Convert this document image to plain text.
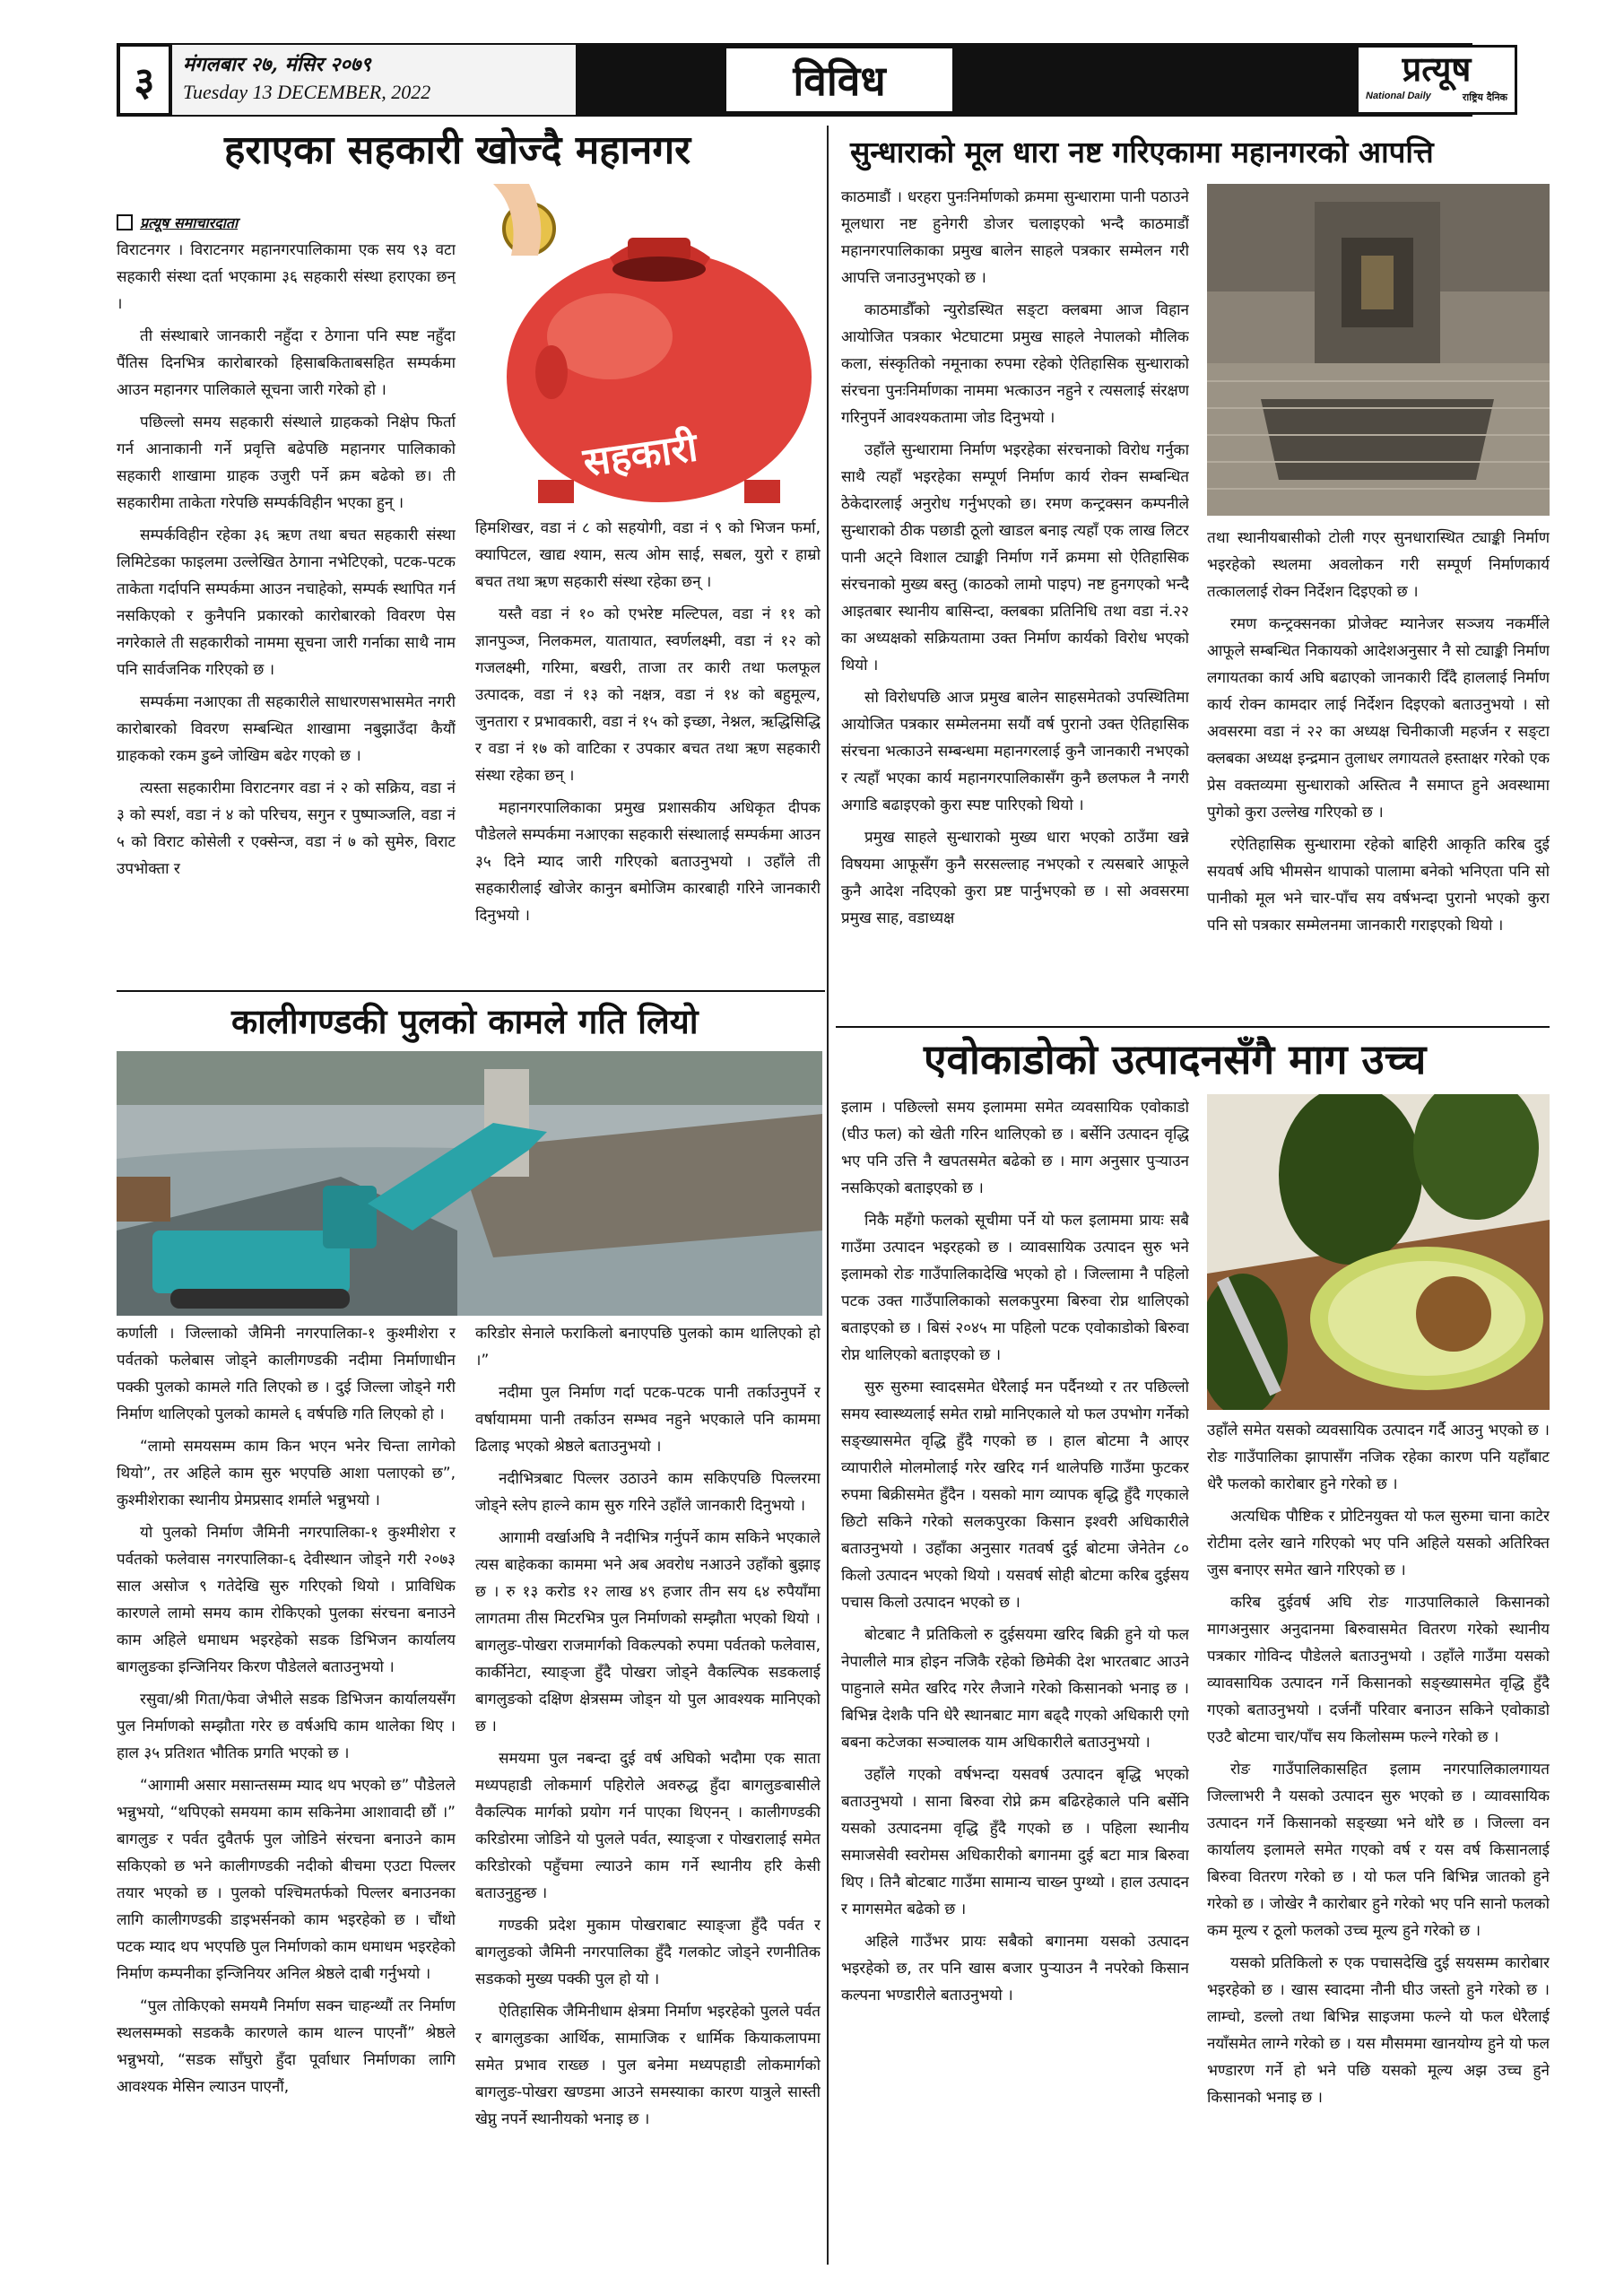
३ मंगलबार २७, मंसिर २०७९
Tuesday 13 DECEMBER, 2022	विविध	प्रत्यूष
National Daily	राष्ट्रिय दैनिक
हराएका सहकारी खोज्दै महानगर
प्रत्यूष समाचारदाता

विराटनगर । विराटनगर महानगरपालिकामा एक सय ९३ वटा सहकारी संस्था दर्ता भएकामा ३६ सहकारी संस्था हराएका छन् ।

ती संस्थाबारे जानकारी नहुँदा र ठेगाना पनि स्पष्ट नहुँदा पैंतिस दिनभित्र कारोबारको हिसाबकिताबसहित सम्पर्कमा आउन महानगर पालिकाले सूचना जारी गरेको हो ।

पछिल्लो समय सहकारी संस्थाले ग्राहकको निक्षेप फिर्ता गर्न आनाकानी गर्ने प्रवृत्ति बढेपछि महानगर पालिकाको सहकारी शाखामा ग्राहक उजुरी पर्ने क्रम बढेको छ। ती सहकारीमा ताकेता गरेपछि सम्पर्कविहीन भएका हुन् ।

सम्पर्कविहीन रहेका ३६ ऋण तथा बचत सहकारी संस्था लिमिटेडका फाइलमा उल्लेखित ठेगाना नभेटिएको, पटक-पटक ताकेता गर्दापनि सम्पर्कमा आउन नचाहेको, सम्पर्क स्थापित गर्न नसकिएको र कुनैपनि प्रकारको कारोबारको विवरण पेस नगरेकाले ती सहकारीको नाममा सूचना जारी गर्नाका साथै नाम पनि सार्वजनिक गरिएको छ ।

सम्पर्कमा नआएका ती सहकारीले साधारणसभासमेत नगरी कारोबारको विवरण सम्बन्धित शाखामा नबुझाउँदा कैयौं ग्राहकको रकम डुब्ने जोखिम बढेर गएको छ ।

त्यस्ता सहकारीमा विराटनगर वडा नं २ को सक्रिय, वडा नं ३ को स्पर्श, वडा नं ४ को परिचय, सगुन र पुष्पाञ्जलि, वडा नं ५ को विराट कोसेली र एक्सेन्ज, वडा नं ७ को सुमेरु, विराट उपभोक्ता र

सहकारी

हिमशिखर, वडा नं ८ को सहयोगी, वडा नं ९ को भिजन फर्मा, क्यापिटल, खाद्य श्याम, सत्य ओम साई, सबल, युरो र हाम्रो बचत तथा ऋण सहकारी संस्था रहेका छन् ।

यस्तै वडा नं १० को एभरेष्ट मल्टिपल, वडा नं ११ को ज्ञानपुञ्ज, निलकमल, यातायात, स्वर्णलक्ष्मी, वडा नं १२ को गजलक्ष्मी, गरिमा, बखरी, ताजा तर कारी तथा फलफूल उत्पादक, वडा नं १३ को नक्षत्र, वडा नं १४ को बहुमूल्य, जुनतारा र प्रभावकारी, वडा नं १५ को इच्छा, नेश्नल, ऋद्धिसिद्धि र वडा नं १७ को वाटिका र उपकार बचत तथा ऋण सहकारी संस्था रहेका छन् ।

महानगरपालिकाका प्रमुख प्रशासकीय अधिकृत दीपक पौडेलले सम्पर्कमा नआएका सहकारी संस्थालाई सम्पर्कमा आउन ३५ दिने म्याद जारी गरिएको बताउनुभयो । उहाँले ती सहकारीलाई खोजेर कानुन बमोजिम कारबाही गरिने जानकारी दिनुभयो ।

सुन्धाराको मूल धारा नष्ट गरिएकामा महानगरको आपत्ति

काठमाडौं । धरहरा पुनःनिर्माणको क्रममा सुन्धारामा पानी पठाउने मूलधारा नष्ट हुनेगरी डोजर चलाइएको भन्दै काठमाडौं महानगरपालिकाका प्रमुख बालेन साहले पत्रकार सम्मेलन गरी आपत्ति जनाउनुभएको छ ।

काठमाडौँको न्युरोडस्थित सङ्टा क्लबमा आज विहान आयोजित पत्रकार भेटघाटमा प्रमुख साहले नेपालको मौलिक कला, संस्कृतिको नमूनाका रुपमा रहेको ऐतिहासिक सुन्धाराको संरचना पुनःनिर्माणका नाममा भत्काउन नहुने र त्यसलाई संरक्षण गरिनुपर्ने आवश्यकतामा जोड दिनुभयो ।

उहाँले सुन्धारामा निर्माण भइरहेका संरचनाको विरोध गर्नुका साथै त्यहाँ भइरहेका सम्पूर्ण निर्माण कार्य रोक्न सम्बन्धित ठेकेदारलाई अनुरोध गर्नुभएको छ। रमण कन्ट्रक्सन कम्पनीले सुन्धाराको ठीक पछाडी ठूलो खाडल बनाइ त्यहाँ एक लाख लिटर पानी अट्ने विशाल ट्याङ्की निर्माण गर्ने क्रममा सो ऐतिहासिक संरचनाको मुख्य बस्तु (काठको लामो पाइप) नष्ट हुनगएको भन्दै आइतबार स्थानीय बासिन्दा, क्लबका प्रतिनिधि तथा वडा नं.२२ का अध्यक्षको सक्रियतामा उक्त निर्माण कार्यको विरोध भएको थियो ।

सो विरोधपछि आज प्रमुख बालेन साहसमेतको उपस्थितिमा आयोजित पत्रकार सम्मेलनमा सयौं वर्ष पुरानो उक्त ऐतिहासिक संरचना भत्काउने सम्बन्धमा महानगरलाई कुनै जानकारी नभएको र त्यहाँ भएका कार्य महानगरपालिकासँग कुनै छलफल नै नगरी अगाडि बढाइएको कुरा स्पष्ट पारिएको थियो ।

प्रमुख साहले सुन्धाराको मुख्य धारा भएको ठाउँमा खन्ने विषयमा आफूसँग कुनै सरसल्लाह नभएको र त्यसबारे आफूले कुनै आदेश नदिएको कुरा प्रष्ट पार्नुभएको छ । सो अवसरमा प्रमुख साह, वडाध्यक्ष

तथा स्थानीयबासीको टोली गएर सुनधारास्थित ट्याङ्की निर्माण भइरहेको स्थलमा अवलोकन गरी सम्पूर्ण निर्माणकार्य तत्काललाई रोक्न निर्देशन दिइएको छ ।

रमण कन्ट्रक्सनका प्रोजेक्ट म्यानेजर सञ्जय नकर्मीले आफूले सम्बन्धित निकायको आदेशअनुसार नै सो ट्याङ्की निर्माण लगायतका कार्य अघि बढाएको जानकारी दिँदै हाललाई निर्माण कार्य रोक्न कामदार लाई निर्देशन दिइएको बताउनुभयो । सो अवसरमा वडा नं २२ का अध्यक्ष चिनीकाजी महर्जन र सङ्टा क्लबका अध्यक्ष इन्द्रमान तुलाधर लगायतले हस्ताक्षर गरेको एक प्रेस वक्तव्यमा सुन्धाराको अस्तित्व नै समाप्त हुने अवस्थामा पुगेको कुरा उल्लेख गरिएको छ ।

रऐतिहासिक सुन्धारामा रहेको बाहिरी आकृति करिब दुई सयवर्ष अघि भीमसेन थापाको पालामा बनेको भनिएता पनि सो पानीको मूल भने चार-पाँच सय वर्षभन्दा पुरानो भएको कुरा पनि सो पत्रकार सम्मेलनमा जानकारी गराइएको थियो ।

कालीगण्डकी पुलको कामले गति लियो

कर्णाली । जिल्लाको जैमिनी नगरपालिका-१ कुश्मीशेरा र पर्वतको फलेबास जोड्ने कालीगण्डकी नदीमा निर्माणाधीन पक्की पुलको कामले गति लिएको छ । दुई जिल्ला जोड्ने गरी निर्माण थालिएको पुलको कामले ६ वर्षपछि गति लिएको हो ।

“लामो समयसम्म काम किन भएन भनेर चिन्ता लागेको थियो”, तर अहिले काम सुरु भएपछि आशा पलाएको छ”, कुश्मीशेराका स्थानीय प्रेमप्रसाद शर्माले भन्नुभयो ।

यो पुलको निर्माण जैमिनी नगरपालिका-१ कुश्मीशेरा र पर्वतको फलेवास नगरपालिका-६ देवीस्थान जोड्ने गरी २०७३ साल असोज ९ गतेदेखि सुरु गरिएको थियो । प्राविधिक कारणले लामो समय काम रोकिएको पुलका संरचना बनाउने काम अहिले धमाधम भइरहेको सडक डिभिजन कार्यालय बागलुङका इन्जिनियर किरण पौडेलले बताउनुभयो ।

रसुवा/श्री गिता/फेवा जेभीले सडक डिभिजन कार्यालयसँग पुल निर्माणको सम्झौता गरेर छ वर्षअघि काम थालेका थिए । हाल ३५ प्रतिशत भौतिक प्रगति भएको छ ।

“आगामी असार मसान्तसम्म म्याद थप भएको छ” पौडेलले भन्नुभयो, “थपिएको समयमा काम सकिनेमा आशावादी छौं ।” बागलुङ र पर्वत दुवैतर्फ पुल जोडिने संरचना बनाउने काम सकिएको छ भने कालीगण्डकी नदीको बीचमा एउटा पिल्लर तयार भएको छ । पुलको पश्चिमतर्फको पिल्लर बनाउनका लागि कालीगण्डकी डाइभर्सनको काम भइरहेको छ । चौंथो पटक म्याद थप भएपछि पुल निर्माणको काम धमाधम भइरहेको निर्माण कम्पनीका इन्जिनियर अनिल श्रेष्ठले दाबी गर्नुभयो ।

“पुल तोकिएको समयमै निर्माण सक्न चाहन्थ्यौं तर निर्माण स्थलसम्मको सडककै कारणले काम थाल्न पाएनौं” श्रेष्ठले भन्नुभयो, “सडक साँघुरो हुँदा पूर्वाधार निर्माणका लागि आवश्यक मेसिन ल्याउन पाएनौं,

करिडोर सेनाले फराकिलो बनाएपछि पुलको काम थालिएको हो ।”

नदीमा पुल निर्माण गर्दा पटक-पटक पानी तर्काउनुपर्ने र वर्षायाममा पानी तर्काउन सम्भव नहुने भएकाले पनि काममा ढिलाइ भएको श्रेष्ठले बताउनुभयो ।

नदीभित्रबाट पिल्लर उठाउने काम सकिएपछि पिल्लरमा जोड्ने स्लेप हाल्ने काम सुरु गरिने उहाँले जानकारी दिनुभयो ।

आगामी वर्खाअघि नै नदीभित्र गर्नुपर्ने काम सकिने भएकाले त्यस बाहेकका काममा भने अब अवरोध नआउने उहाँको बुझाइ छ । रु १३ करोड १२ लाख ४९ हजार तीन सय ६४ रुपैयाँमा लागतमा तीस मिटरभित्र पुल निर्माणको सम्झौता भएको थियो । बागलुङ-पोखरा राजमार्गको विकल्पको रुपमा पर्वतको फलेवास, कार्कीनेटा, स्याङ्जा हुँदै पोखरा जोड्ने वैकल्पिक सडकलाई बागलुङको दक्षिण क्षेत्रसम्म जोड्न यो पुल आवश्यक मानिएको छ ।

समयमा पुल नबन्दा दुई वर्ष अघिको भदौमा एक साता मध्यपहाडी लोकमार्ग पहिरोले अवरुद्ध हुँदा बागलुङबासीले वैकल्पिक मार्गको प्रयोग गर्न पाएका थिएनन् । कालीगण्डकी करिडोरमा जोडिने यो पुलले पर्वत, स्याङ्जा र पोखरालाई समेत करिडोरको पहुँचमा ल्याउने काम गर्ने स्थानीय हरि केसी बताउनुहुन्छ ।

गण्डकी प्रदेश मुकाम पोखराबाट स्याङ्जा हुँदै पर्वत र बागलुङको जैमिनी नगरपालिका हुँदै गलकोट जोड्ने रणनीतिक सडकको मुख्य पक्की पुल हो यो ।

ऐतिहासिक जैमिनीधाम क्षेत्रमा निर्माण भइरहेको पुलले पर्वत र बागलुङका आर्थिक, सामाजिक र धार्मिक कियाकलापमा समेत प्रभाव राख्छ । पुल बनेमा मध्यपहाडी लोकमार्गको बागलुङ-पोखरा खण्डमा आउने समस्याका कारण यात्रुले सास्ती खेप्नु नपर्ने स्थानीयको भनाइ छ ।

एवोकाडोको उत्पादनसँगै माग उच्च

इलाम । पछिल्लो समय इलाममा समेत व्यवसायिक एवोकाडो (घीउ फल) को खेती गरिन थालिएको छ । बर्सेनि उत्पादन वृद्धि भए पनि उत्ति नै खपतसमेत बढेको छ । माग अनुसार पुऱ्याउन नसकिएको बताइएको छ ।

निकै महँगो फलको सूचीमा पर्ने यो फल इलाममा प्रायः सबै गाउँमा उत्पादन भइरहको छ । व्यावसायिक उत्पादन सुरु भने इलामको रोङ गाउँपालिकादेखि भएको हो । जिल्लामा नै पहिलो पटक उक्त गाउँपालिकाको सलकपुरमा बिरुवा रोप्न थालिएको बताइएको छ । बिसं २०४५ मा पहिलो पटक एवोकाडोको बिरुवा रोप्न थालिएको बताइएको छ ।

सुरु सुरुमा स्वादसमेत धेरैलाई मन पर्दैनथ्यो र तर पछिल्लो समय स्वास्थ्यलाई समेत राम्रो मानिएकाले यो फल उपभोग गर्नेको सङ्ख्यासमेत वृद्धि हुँदै गएको छ । हाल बोटमा नै आएर व्यापारीले मोलमोलाई गरेर खरिद गर्न थालेपछि गाउँमा फुटकर रुपमा बिक्रीसमेत हुँदैन । यसको माग व्यापक बृद्धि हुँदै गएकाले छिटो सकिने गरेको सलकपुरका किसान इश्वरी अधिकारीले बताउनुभयो । उहाँका अनुसार गतवर्ष दुई बोटमा जेनेतेन ८० किलो उत्पादन भएको थियो । यसवर्ष सोही बोटमा करिब दुईसय पचास किलो उत्पादन भएको छ ।

बोटबाट नै प्रतिकिलो रु दुईसयमा खरिद बिक्री हुने यो फल नेपालीले मात्र होइन नजिकै रहेको छिमेकी देश भारतबाट आउने पाहुनाले समेत खरिद गरेर लैजाने गरेको किसानको भनाइ छ । बिभिन्न देशकै पनि धेरै स्थानबाट माग बढ्दै गएको अधिकारी एगो बबना कटेजका सञ्चालक याम अधिकारीले बताउनुभयो ।

उहाँले गएको वर्षभन्दा यसवर्ष उत्पादन बृद्धि भएको बताउनुभयो । साना बिरुवा रोप्ने क्रम बढिरहेकाले पनि बर्सेनि यसको उत्पादनमा वृद्धि हुँदै गएको छ । पहिला स्थानीय समाजसेवी स्वरोमस अधिकारीको बगानमा दुई बटा मात्र बिरुवा थिए । तिनै बोटबाट गाउँमा सामान्य चाख्न पुग्थ्यो । हाल उत्पादन र मागसमेत बढेको छ ।

अहिले गाउँभर प्रायः सबैको बगानमा यसको उत्पादन भइरहेको छ, तर पनि खास बजार पुऱ्याउन नै नपरेको किसान कल्पना भण्डारीले बताउनुभयो ।

उहाँले समेत यसको व्यवसायिक उत्पादन गर्दै आउनु भएको छ । रोङ गाउँपालिका झापासँग नजिक रहेका कारण पनि यहाँबाट धेरै फलको कारोबार हुने गरेको छ ।

अत्यधिक पौष्टिक र प्रोटिनयुक्त यो फल सुरुमा चाना काटेर रोटीमा दलेर खाने गरिएको भए पनि अहिले यसको अतिरिक्त जुस बनाएर समेत खाने गरिएको छ ।

करिब दुईवर्ष अघि रोङ गाउपालिकाले किसानको मागअनुसार अनुदानमा बिरुवासमेत वितरण गरेको स्थानीय पत्रकार गोविन्द पौडेलले बताउनुभयो । उहाँले गाउँमा यसको व्यावसायिक उत्पादन गर्ने किसानको सङ्ख्यासमेत वृद्धि हुँदै गएको बताउनुभयो । दर्जनौं परिवार बनाउन सकिने एवोकाडो एउटै बोटमा चार/पाँच सय किलोसम्म फल्ने गरेको छ ।

रोङ गाउँपालिकासहित इलाम नगरपालिकालगायत जिल्लाभरी नै यसको उत्पादन सुरु भएको छ । व्यावसायिक उत्पादन गर्ने किसानको सङ्ख्या भने थोरै छ । जिल्ला वन कार्यालय इलामले समेत गएको वर्ष र यस वर्ष किसानलाई बिरुवा वितरण गरेको छ । यो फल पनि बिभिन्न जातको हुने गरेको छ । जोखेर नै कारोबार हुने गरेको भए पनि सानो फलको कम मूल्य र ठूलो फलको उच्च मूल्य हुने गरेको छ ।

यसको प्रतिकिलो रु एक पचासदेखि दुई सयसम्म कारोबार भइरहेको छ । खास स्वादमा नौनी घीउ जस्तो हुने गरेको छ । लाम्चो, डल्लो तथा बिभिन्न साइजमा फल्ने यो फल धेरैलाई नयाँसमेत लाग्ने गरेको छ । यस मौसममा खानयोग्य हुने यो फल भण्डारण गर्ने हो भने पछि यसको मूल्य अझ उच्च हुने किसानको भनाइ छ ।
